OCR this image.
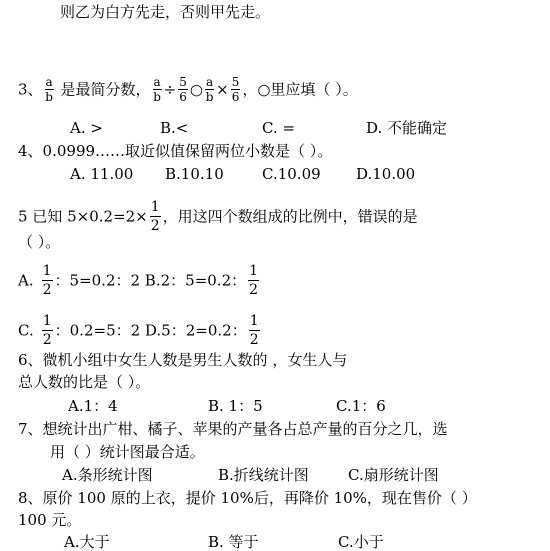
则乙为白方先走，否则甲先走。
3、 $\frac{a}{b}$ 是最简分数， $\frac{a}{b} \div \frac{5}{6}$ ○ $\frac{a}{b} \times \frac{5}{6}$ ，○里应填（ ）。
A. >	B.<	C. =	D. 不能确定
4、0.0999……取近似值保留两位小数是（ ）。
A. 11.00 B.10.10	C.10.09 D.10.00
5 已知 $5\times 0.2=2\times \frac{1}{2}$ ，用这四个数组成的比例中，错误的是
（ ）。
A. $\frac{1}{2}$ ：5=0.2：2 B.2：5=0.2： $\frac{1}{2}$
C. $\frac{1}{2}$ ：0.2=5：2 D.5：2=0.2： $\frac{1}{2}$
6、微机小组中女生人数是男生人数的 ，女生人与
总人数的比是（ ）。
A.1：4	B. 1：5	C.1：6
7、想统计出广柑、橘子、苹果的产量各占总产量的百分之几，选
用（ ）统计图最合适。
A.条形统计图	B.折线统计图	C.扇形统计图
8、原价 100 原的上衣，提价 10%后，再降价 10%，现在售价（ ）
100 元。
A.大于	B. 等于	C.小于
